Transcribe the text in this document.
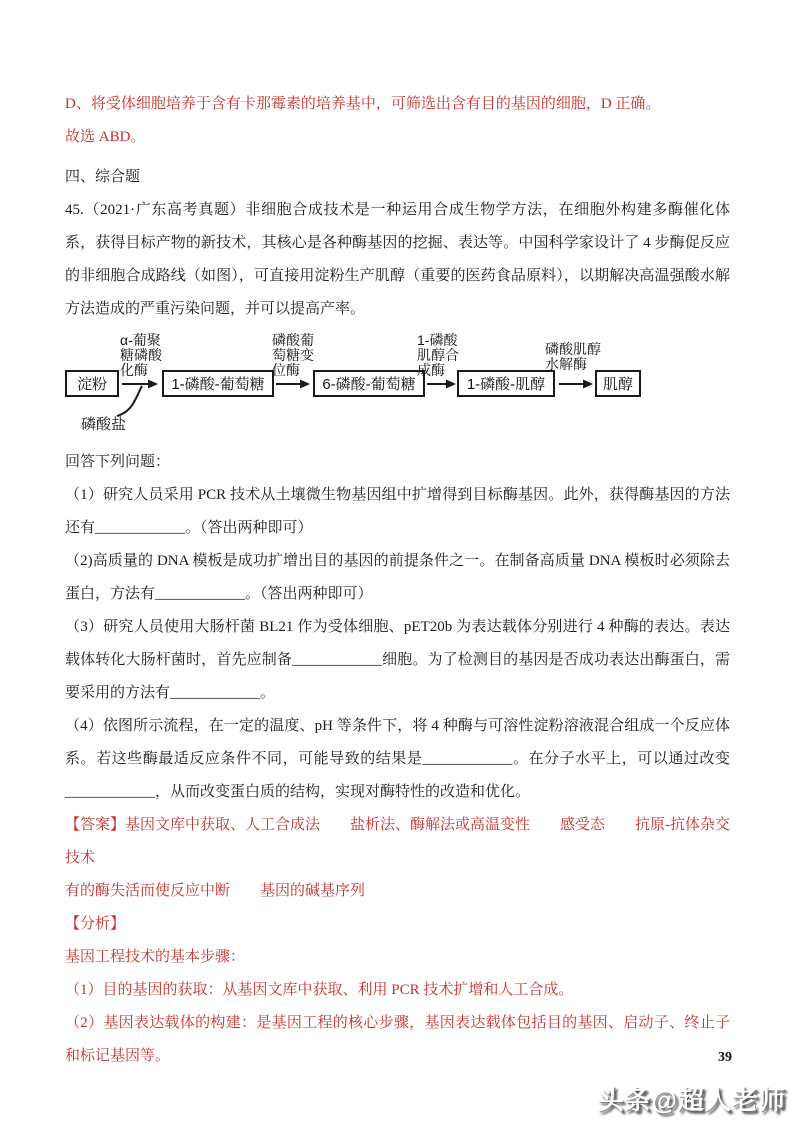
D、将受体细胞培养于含有卡那霉素的培养基中，可筛选出含有目的基因的细胞，D 正确。
故选 ABD。
四、综合题
45.（2021·广东高考真题）非细胞合成技术是一种运用合成生物学方法，在细胞外构建多酶催化体系，获得目标产物的新技术，其核心是各种酶基因的挖掘、表达等。中国科学家设计了 4 步酶促反应的非细胞合成路线（如图），可直接用淀粉生产肌醇（重要的医药食品原料），以期解决高温强酸水解方法造成的严重污染问题，并可以提高产率。
淀粉	1-磷酸-葡萄糖	6-磷酸-葡萄糖	1-磷酸-肌醇	肌醇
α-葡聚
糖磷酸
化酶
磷酸葡
萄糖变
位酶
1-磷酸
肌醇合
成酶
磷酸肌醇
水解酶
磷酸盐
回答下列问题：
（1）研究人员采用 PCR 技术从土壤微生物基因组中扩增得到目标酶基因。此外，获得酶基因的方法还有____________。（答出两种即可）
（2)高质量的 DNA 模板是成功扩增出目的基因的前提条件之一。在制备高质量 DNA 模板时必须除去蛋白，方法有____________。（答出两种即可）
（3）研究人员使用大肠杆菌 BL21 作为受体细胞、pET20b 为表达载体分别进行 4 种酶的表达。表达载体转化大肠杆菌时，首先应制备____________细胞。为了检测目的基因是否成功表达出酶蛋白，需要采用的方法有____________。
（4）依图所示流程，在一定的温度、pH 等条件下，将 4 种酶与可溶性淀粉溶液混合组成一个反应体系。若这些酶最适反应条件不同，可能导致的结果是____________。在分子水平上，可以通过改变____________，从而改变蛋白质的结构，实现对酶特性的改造和优化。
【答案】基因文库中获取、人工合成法　　盐析法、酶解法或高温变性　　感受态　　抗原-抗体杂交技术
有的酶失活而使反应中断　　基因的碱基序列
【分析】
基因工程技术的基本步骤：
（1）目的基因的获取：从基因文库中获取、利用 PCR 技术扩增和人工合成。
（2）基因表达载体的构建：是基因工程的核心步骤，基因表达载体包括目的基因、启动子、终止子和标记基因等。	39
头条@超人老师
